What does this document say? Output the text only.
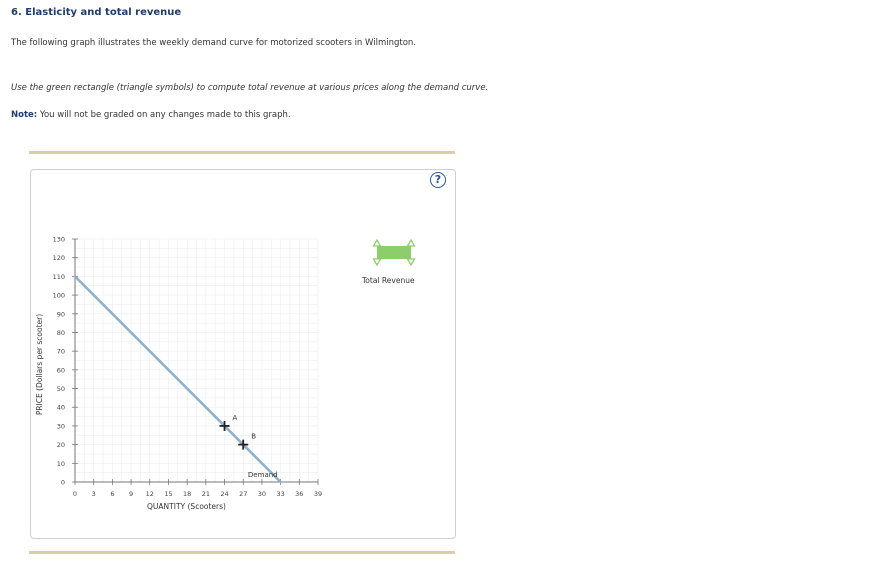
6. Elasticity and total revenue
The following graph illustrates the weekly demand curve for motorized scooters in Wilmington.
Use the green rectangle (triangle symbols) to compute total revenue at various prices along the demand curve.
Note: You will not be graded on any changes made to this graph.
?
0 3 6 9 12 15 18 21 24 27 30 33 36 39
0
10
20
30
40
50
60
70
80
90
100
110
120
130
Demand
A
B
QUANTITY (Scooters)
PRICE (Dollars per scooter)
Total Revenue
